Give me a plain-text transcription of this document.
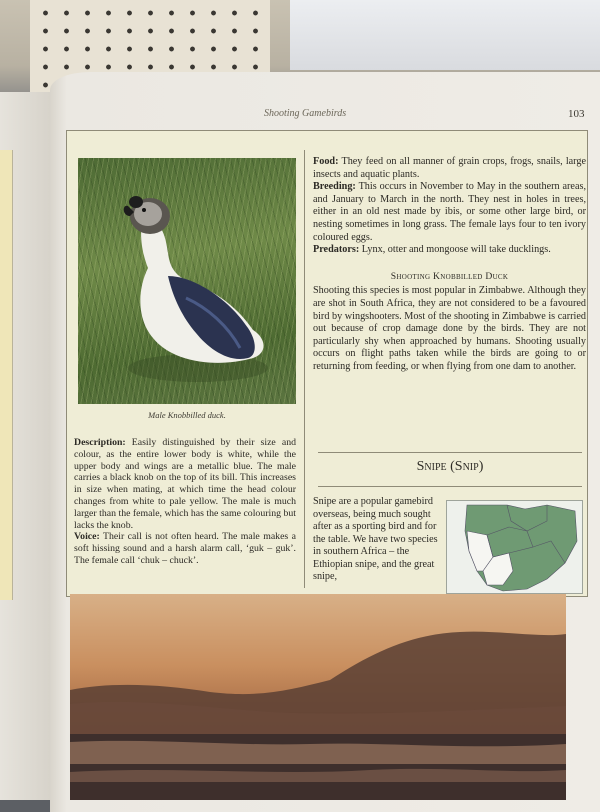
Shooting Gamebirds	103
Male Knobbilled duck.
Description: Easily distinguished by their size and colour, as the entire lower body is white, while the upper body and wings are a metallic blue. The male carries a black knob on the top of its bill. This increases in size when mating, at which time the head colour changes from white to pale yellow. The male is much larger than the female, which has the same colouring but lacks the knob.
Voice: Their call is not often heard. The male makes a soft hissing sound and a harsh alarm call, ‘guk – guk’. The female call ‘chuk – chuck’.

Food: They feed on all manner of grain crops, frogs, snails, large insects and aquatic plants.

Breeding: This occurs in November to May in the southern areas, and January to March in the north. They nest in holes in trees, either in an old nest made by ibis, or some other large bird, or nesting sometimes in long grass. The female lays four to ten ivory coloured eggs.

Predators: Lynx, otter and mongoose will take ducklings.

Shooting Knobbilled Duck

Shooting this species is most popular in Zimbabwe. Although they are shot in South Africa, they are not considered to be a favoured bird by wingshooters. Most of the shooting in Zimbabwe is carried out because of crop damage done by the birds. They are not particularly shy when approached by humans. Shooting usually occurs on flight paths taken while the birds are going to or returning from feeding, or when flying from one dam to another.

Snipe (Snip)
Snipe are a popular gamebird overseas, being much sought after as a sporting bird and for the table. We have two species in southern Africa – the Ethiopian snipe, and the great snipe,
